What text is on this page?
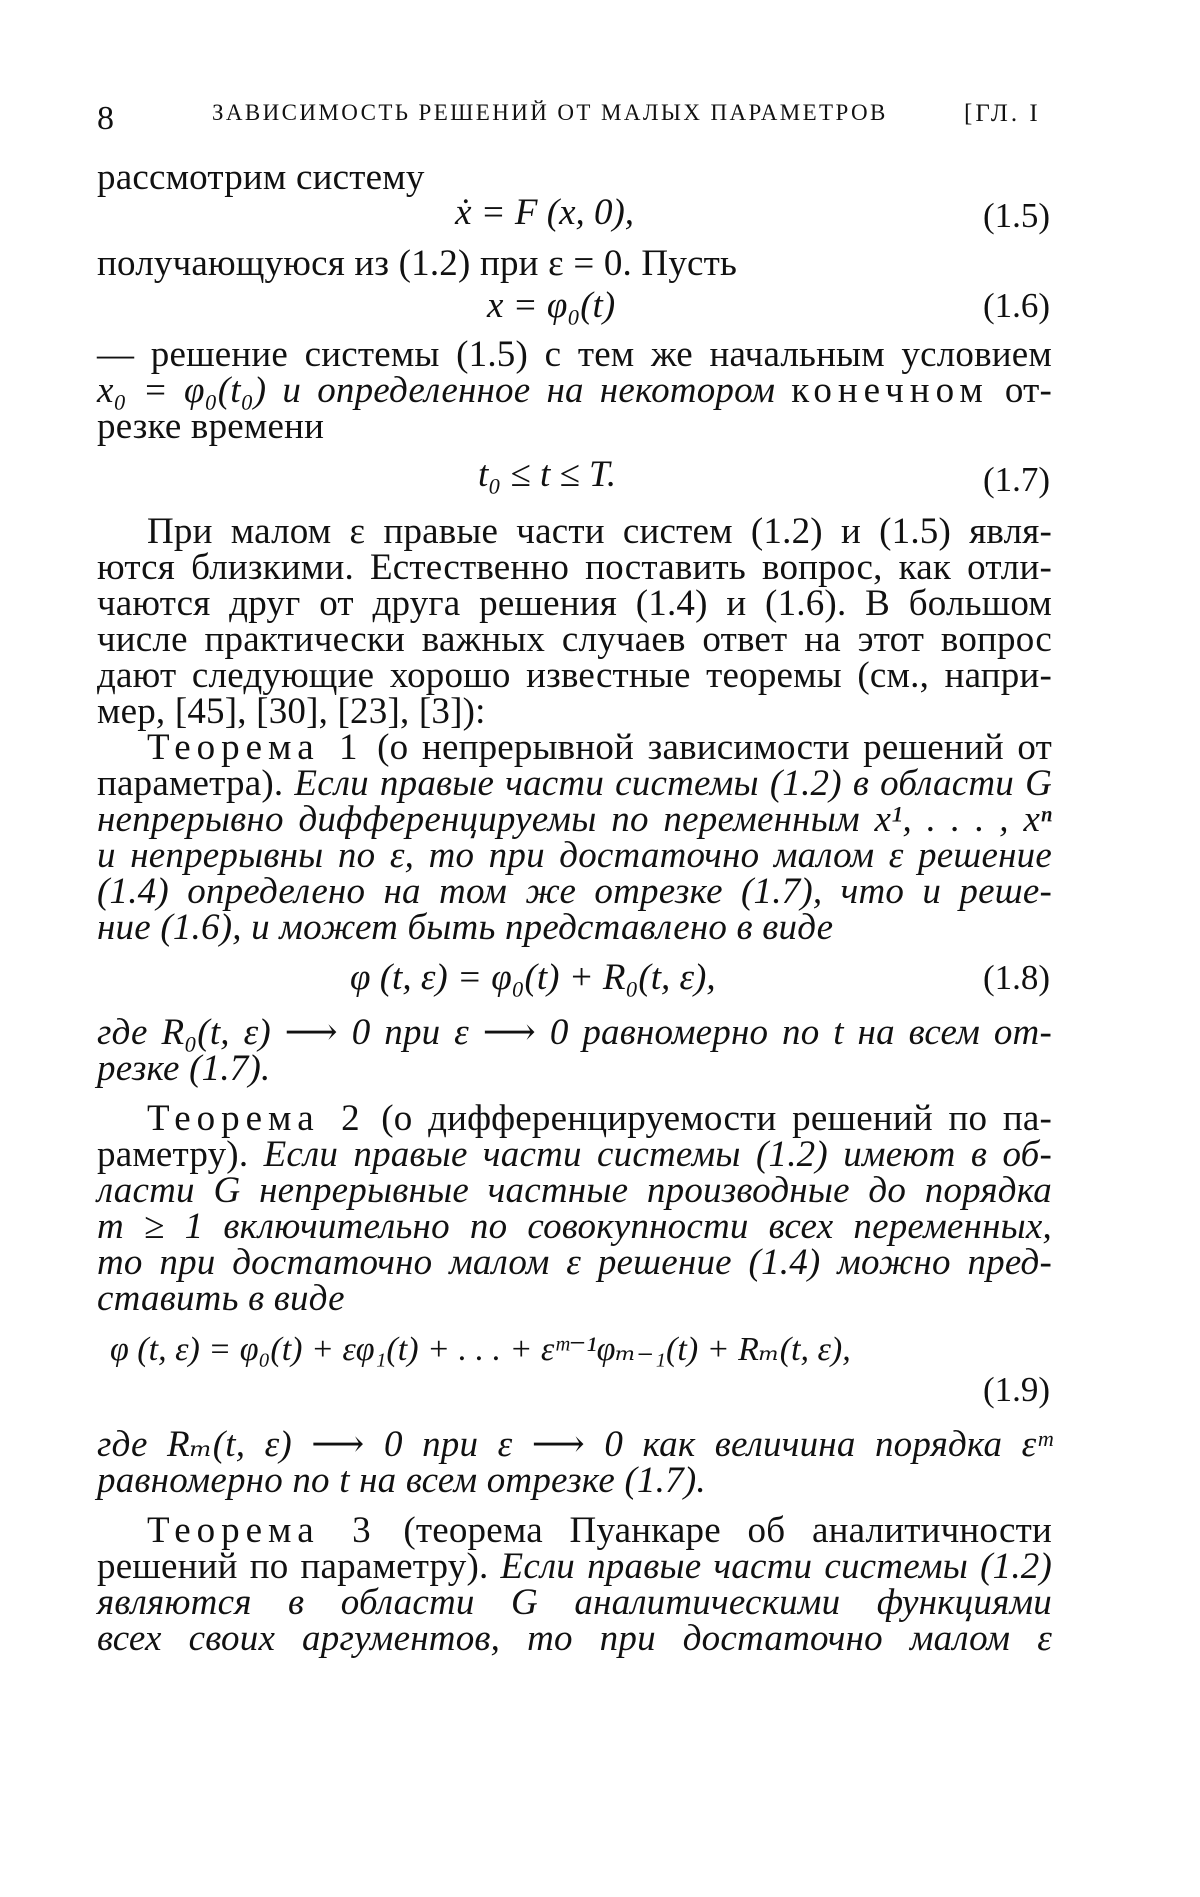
8	ЗАВИСИМОСТЬ РЕШЕНИЙ ОТ МАЛЫХ ПАРАМЕТРОВ	[ГЛ. I
рассмотрим систему
ẋ = F (x, 0),	(1.5)
получающуюся из (1.2) при ε = 0. Пусть
x = φ₀(t)	(1.6)
— решение системы (1.5) с тем же начальным условием
x₀ = φ₀(t₀) и определенное на некотором конечном от-
резке времени
t₀ ≤ t ≤ T.	(1.7)
При малом ε правые части систем (1.2) и (1.5) явля-
ются близкими. Естественно поставить вопрос, как отли-
чаются друг от друга решения (1.4) и (1.6). В большом
числе практически важных случаев ответ на этот вопрос
дают следующие хорошо известные теоремы (см., напри-
мер, [45], [30], [23], [3]):
Теорема 1 (о непрерывной зависимости решений от
параметра). Если правые части системы (1.2) в области G
непрерывно дифференцируемы по переменным x¹, . . . , xⁿ
и непрерывны по ε, то при достаточно малом ε решение
(1.4) определено на том же отрезке (1.7), что и реше-
ние (1.6), и может быть представлено в виде
φ (t, ε) = φ₀(t) + R₀(t, ε),	(1.8)
где R₀(t, ε) ⟶ 0 при ε ⟶ 0 равномерно по t на всем от-
резке (1.7).
Теорема 2 (о дифференцируемости решений по па-
раметру). Если правые части системы (1.2) имеют в об-
ласти G непрерывные частные производные до порядка
m ≥ 1 включительно по совокупности всех переменных,
то при достаточно малом ε решение (1.4) можно пред-
ставить в виде
φ (t, ε) = φ₀(t) + εφ₁(t) + . . . + εᵐ⁻¹φₘ₋₁(t) + Rₘ(t, ε),
(1.9)
где Rₘ(t, ε) ⟶ 0 при ε ⟶ 0 как величина порядка εᵐ
равномерно по t на всем отрезке (1.7).
Теорема 3 (теорема Пуанкаре об аналитичности
решений по параметру). Если правые части системы (1.2)
являются в области G аналитическими функциями
всех своих аргументов, то при достаточно малом ε
